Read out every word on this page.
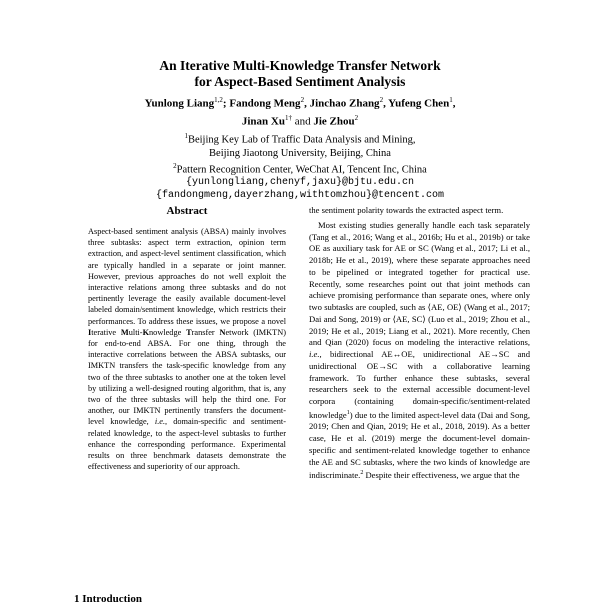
An Iterative Multi-Knowledge Transfer Network
for Aspect-Based Sentiment Analysis
Yunlong Liang$^{1,2}$; Fandong Meng$^2$, Jinchao Zhang$^2$, Yufeng Chen$^1$,
Jinan $Xu^{1\dagger}$ and Jie Zhou$^2$
$^1$Beijing Key Lab of Traffic Data Analysis and Mining,
Beijing Jiaotong University, Beijing, China
$^2$Pattern Recognition Center, WeChat AI, Tencent Inc, China
{yunlongliang,chenyf,jaxu}@bjtu.edu.cn
{fandongmeng,dayerzhang,withtomzhou}@tencent.com
Abstract

Aspect-based sentiment analysis (ABSA) mainly involves three subtasks: aspect term extraction, opinion term extraction, and aspect-level sentiment classification, which are typically handled in a separate or joint manner. However, previous approaches do not well exploit the interactive relations among three subtasks and do not pertinently leverage the easily available document-level labeled domain/sentiment knowledge, which restricts their performances. To address these issues, we propose a novel Iterative Multi-Knowledge Transfer Network (IMKTN) for end-to-end ABSA. For one thing, through the interactive correlations between the ABSA subtasks, our IMKTN transfers the task-specific knowledge from any two of the three subtasks to another one at the token level by utilizing a well-designed routing algorithm, that is, any two of the three subtasks will help the third one. For another, our IMKTN pertinently transfers the document-level knowledge, i.e., domain-specific and sentiment-related knowledge, to the aspect-level subtasks to further enhance the corresponding performance. Experimental results on three benchmark datasets demonstrate the effectiveness and superiority of our approach.

the sentiment polarity towards the extracted aspect term.

Most existing studies generally handle each task separately (Tang et al., 2016; Wang et al., 2016b; Hu et al., 2019b) or take OE as auxiliary task for AE or SC (Wang et al., 2017; Li et al., 2018b; He et al., 2019), where these separate approaches need to be pipelined or integrated together for practical use. Recently, some researches point out that joint methods can achieve promising performance than separate ones, where only two subtasks are coupled, such as ⟨AE, OE⟩ (Wang et al., 2017; Dai and Song, 2019) or ⟨AE, SC⟩ (Luo et al., 2019; Zhou et al., 2019; He et al., 2019; Liang et al., 2021). More recently, Chen and Qian (2020) focus on modeling the interactive relations, i.e., bidirectional AE↔OE, unidirectional AE→SC and unidirectional OE→SC with a collaborative learning framework. To further enhance these subtasks, several researchers seek to the external accessible document-level corpora (containing domain-specific/sentiment-related knowledge$^1$) due to the limited aspect-level data (Dai and Song, 2019; Chen and Qian, 2019; He et al., 2018, 2019). As a better case, He et al. (2019) merge the document-level domain-specific and sentiment-related knowledge together to enhance the AE and SC subtasks, where the two kinds of knowledge are indiscriminate.$^2$ Despite their effectiveness, we argue that the

1 Introduction
